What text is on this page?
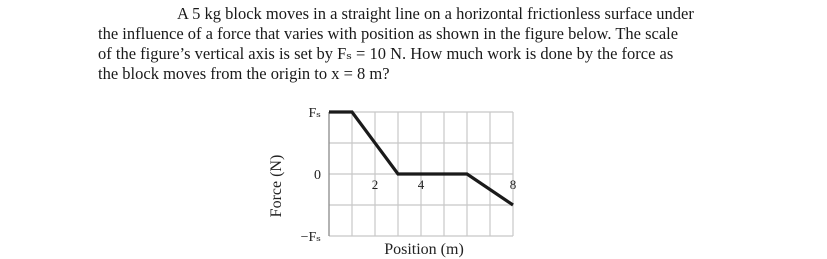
A 5 kg block moves in a straight line on a horizontal frictionless surface under
the influence of a force that varies with position as shown in the figure below. The scale
of the figure’s vertical axis is set by Fₛ = 10 N. How much work is done by the force as
the block moves from the origin to x = 8 m?
Fₛ
0
−Fₛ
2	4	8
Position (m)
Force (N)
